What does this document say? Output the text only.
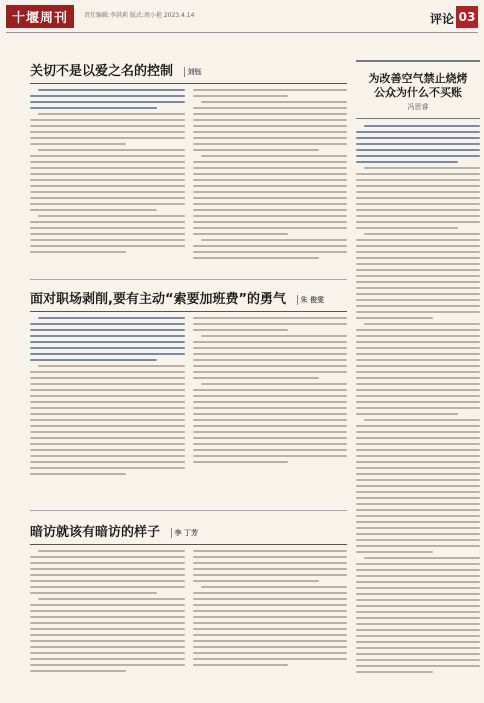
十堰周刊	责任编辑:李洪莉 版式:周小艳 2023.4.14	评论 03
关切不是以爱之名的控制 刘钰
面对职场剥削,要有主动“索要加班费”的勇气 朱 俊雯
暗访就该有暗访的样子 李 丁芳
为改善空气禁止烧烤
公众为什么不买账
冯思睿
